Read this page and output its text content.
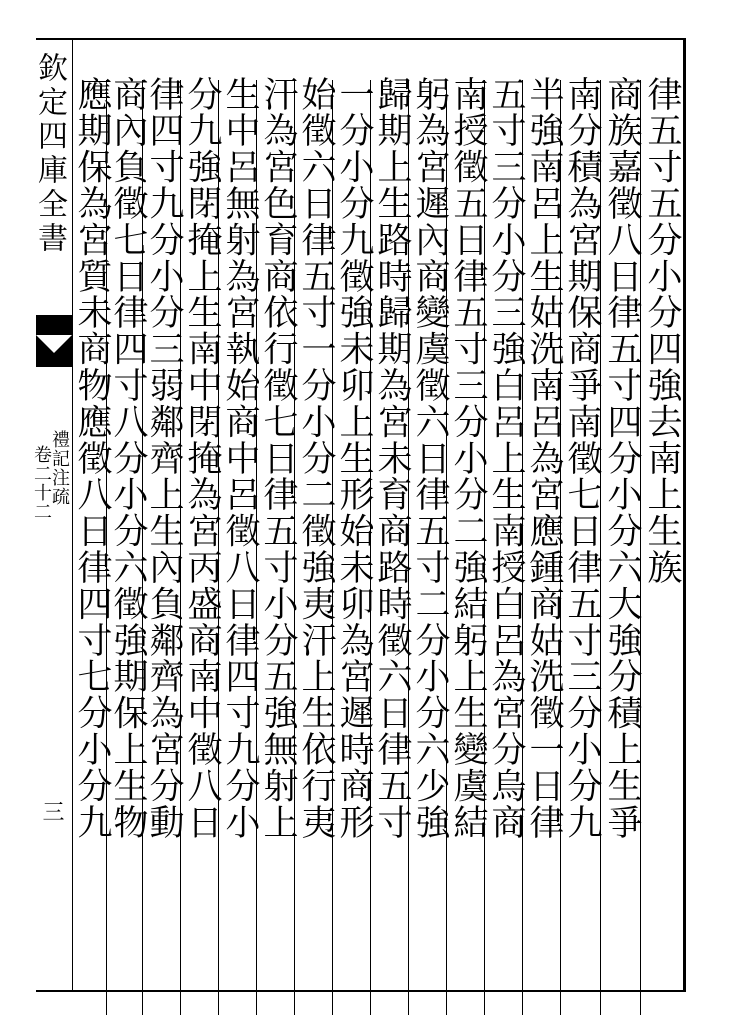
欽定四庫全書
禮記注疏
卷二十二
三
律五寸五分小分四強去南上生族
商族嘉徵八日律五寸四分小分六大強分積上生爭
南分積為宮期保商爭南徵七日律五寸三分小分九
半強南呂上生姑洗南呂為宮應鍾商姑洗徵一日律
五寸三分小分三強白呂上生南授白呂為宮分烏商
南授徵五日律五寸三分小分二強結躬上生變虞結
躬為宮遲內商變虞徵六日律五寸二分小分六少強
歸期上生路時歸期為宮未育商路時徵六日律五寸
一分小分九徵強未卯上生形始未卯為宮遲時商形
始徵六日律五寸一分小分二徵強夷汗上生依行夷
汗為宮色育商依行徵七日律五寸小分五強無射上
生中呂無射為宮執始商中呂徵八日律四寸九分小
分九強閉掩上生南中閉掩為宮丙盛商南中徵八日
律四寸九分小分三弱鄰齊上生內負鄰齊為宮分動
商內負徵七日律四寸八分小分六徵強期保上生物
應期保為宮質未商物應徵八日律四寸七分小分九
